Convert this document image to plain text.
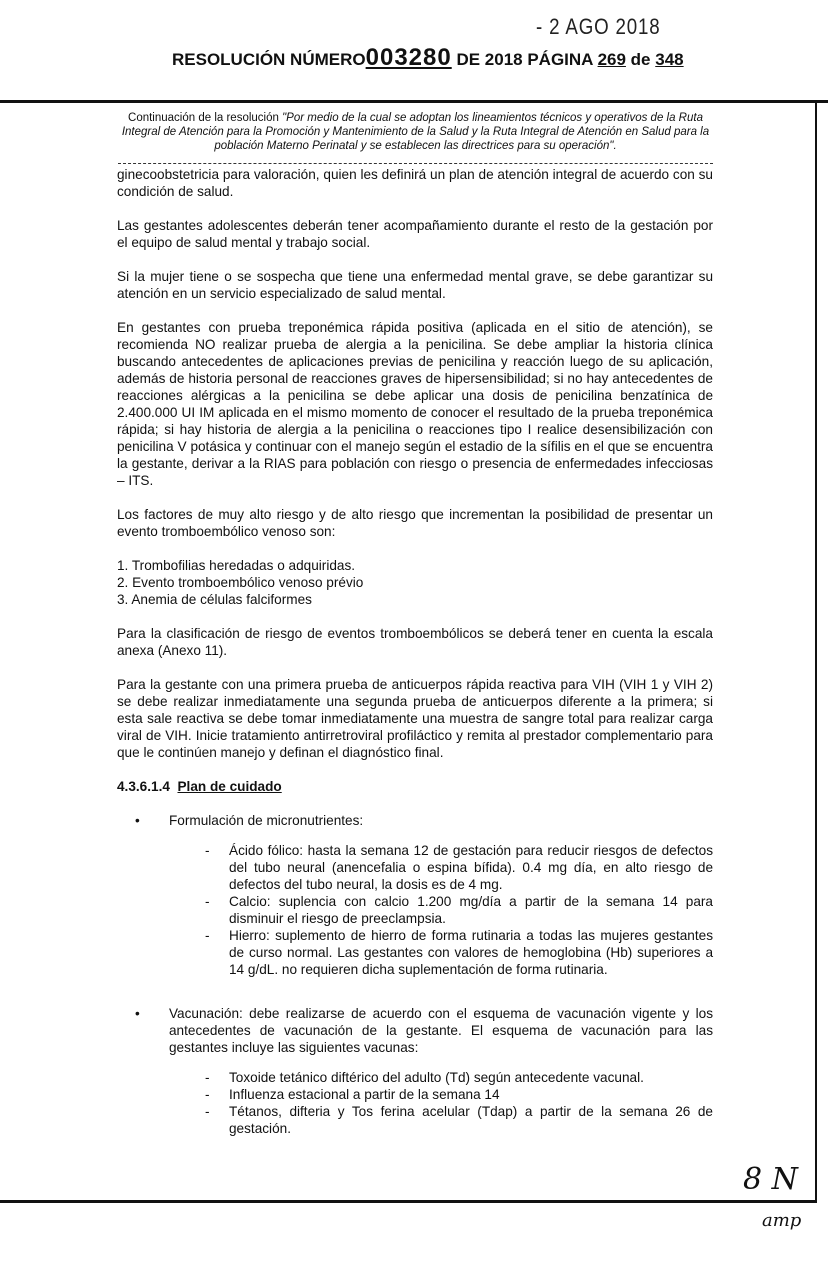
- 2 AGO 2018
RESOLUCIÓN NÚMERO003280 DE 2018 PÁGINA 269 de 348
Continuación de la resolución "Por medio de la cual se adoptan los lineamientos técnicos y operativos de la Ruta Integral de Atención para la Promoción y Mantenimiento de la Salud y la Ruta Integral de Atención en Salud para la población Materno Perinatal y se establecen las directrices para su operación".

ginecoobstetricia para valoración, quien les definirá un plan de atención integral de acuerdo con su condición de salud.

Las gestantes adolescentes deberán tener acompañamiento durante el resto de la gestación por el equipo de salud mental y trabajo social.

Si la mujer tiene o se sospecha que tiene una enfermedad mental grave, se debe garantizar su atención en un servicio especializado de salud mental.

En gestantes con prueba treponémica rápida positiva (aplicada en el sitio de atención), se recomienda NO realizar prueba de alergia a la penicilina. Se debe ampliar la historia clínica buscando antecedentes de aplicaciones previas de penicilina y reacción luego de su aplicación, además de historia personal de reacciones graves de hipersensibilidad; si no hay antecedentes de reacciones alérgicas a la penicilina se debe aplicar una dosis de penicilina benzatínica de 2.400.000 UI IM aplicada en el mismo momento de conocer el resultado de la prueba treponémica rápida; si hay historia de alergia a la penicilina o reacciones tipo I realice desensibilización con penicilina V potásica y continuar con el manejo según el estadio de la sífilis en el que se encuentra la gestante, derivar a la RIAS para población con riesgo o presencia de enfermedades infecciosas – ITS.

Los factores de muy alto riesgo y de alto riesgo que incrementan la posibilidad de presentar un evento tromboembólico venoso son:

1. Trombofilias heredadas o adquiridas.
2. Evento tromboembólico venoso prévio
3. Anemia de células falciformes

Para la clasificación de riesgo de eventos tromboembólicos se deberá tener en cuenta la escala anexa (Anexo 11).

Para la gestante con una primera prueba de anticuerpos rápida reactiva para VIH (VIH 1 y VIH 2) se debe realizar inmediatamente una segunda prueba de anticuerpos diferente a la primera; si esta sale reactiva se debe tomar inmediatamente una muestra de sangre total para realizar carga viral de VIH. Inicie tratamiento antirretroviral profiláctico y remita al prestador complementario para que le continúen manejo y definan el diagnóstico final.

4.3.6.1.4 Plan de cuidado
• Formulación de micronutrientes:
- Ácido fólico: hasta la semana 12 de gestación para reducir riesgos de defectos del tubo neural (anencefalia o espina bífida). 0.4 mg día, en alto riesgo de defectos del tubo neural, la dosis es de 4 mg.
- Calcio: suplencia con calcio 1.200 mg/día a partir de la semana 14 para disminuir el riesgo de preeclampsia.
- Hierro: suplemento de hierro de forma rutinaria a todas las mujeres gestantes de curso normal. Las gestantes con valores de hemoglobina (Hb) superiores a 14 g/dL. no requieren dicha suplementación de forma rutinaria.
• Vacunación: debe realizarse de acuerdo con el esquema de vacunación vigente y los antecedentes de vacunación de la gestante. El esquema de vacunación para las gestantes incluye las siguientes vacunas:
- Toxoide tetánico diftérico del adulto (Td) según antecedente vacunal.
- Influenza estacional a partir de la semana 14
- Tétanos, difteria y Tos ferina acelular (Tdap) a partir de la semana 26 de gestación.
8 N
amp
